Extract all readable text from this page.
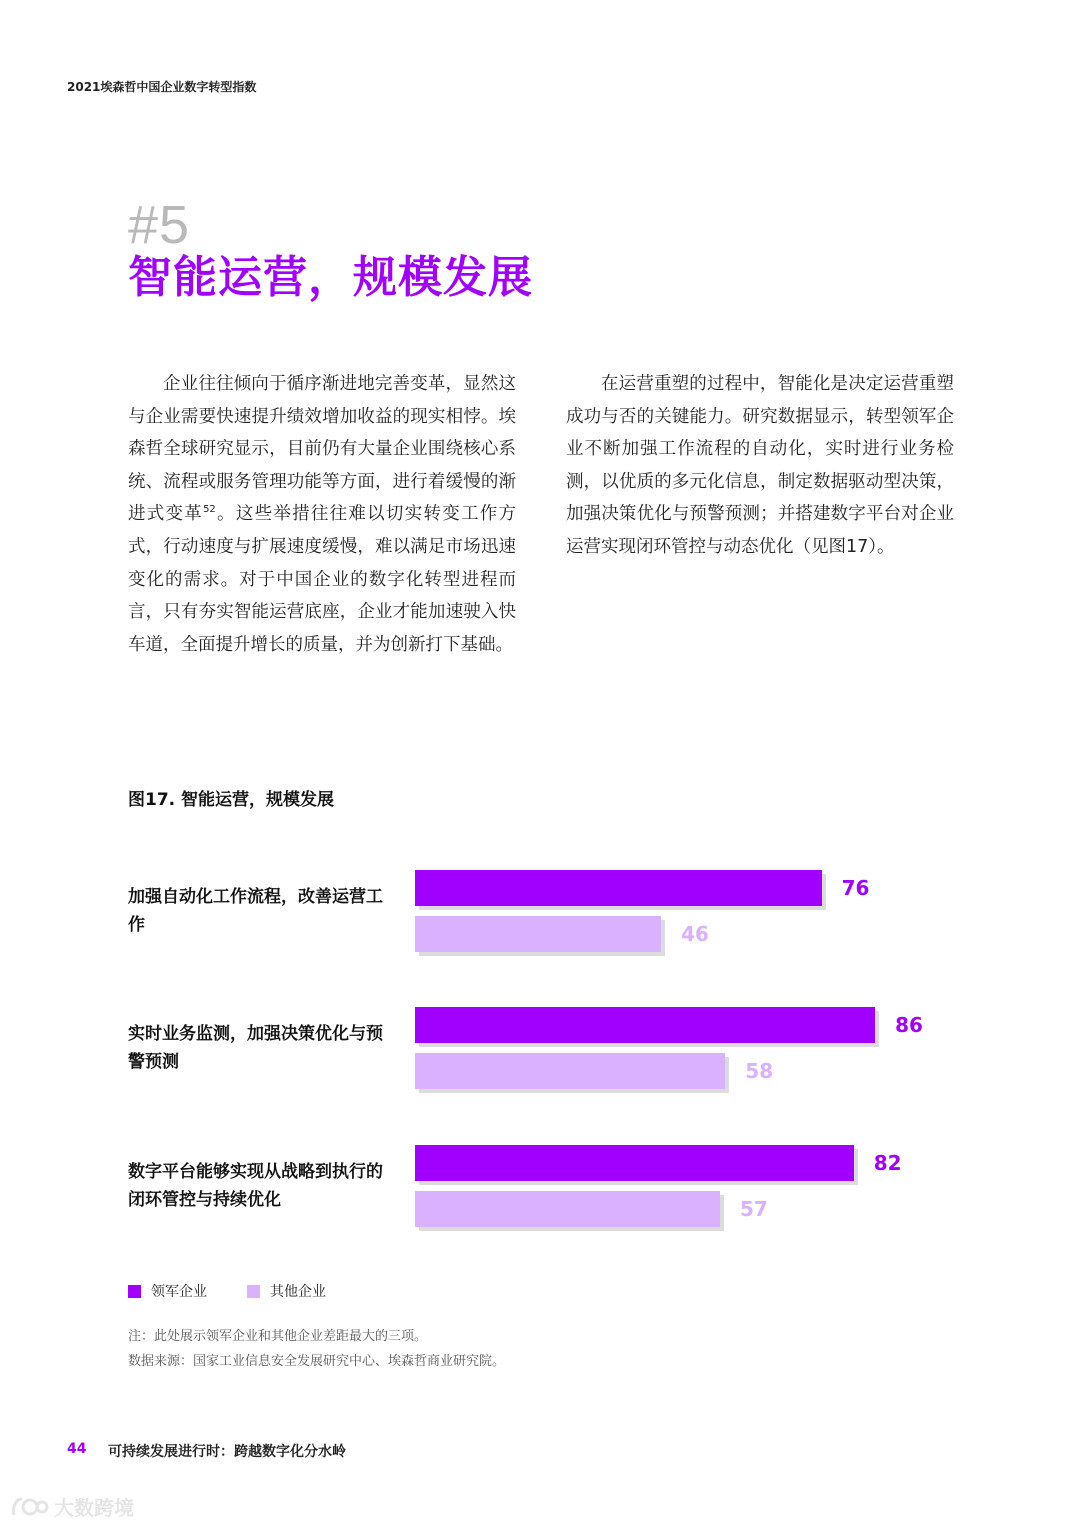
2021埃森哲中国企业数字转型指数
#5
智能运营，规模发展

企业往往倾向于循序渐进地完善变革，显然这与企业需要快速提升绩效增加收益的现实相悖。埃森哲全球研究显示，目前仍有大量企业围绕核心系统、流程或服务管理功能等方面，进行着缓慢的渐进式变革$^{52}$。这些举措往往难以切实转变工作方式，行动速度与扩展速度缓慢，难以满足市场迅速变化的需求。对于中国企业的数字化转型进程而言，只有夯实智能运营底座，企业才能加速驶入快车道，全面提升增长的质量，并为创新打下基础。

在运营重塑的过程中，智能化是决定运营重塑成功与否的关键能力。研究数据显示，转型领军企业不断加强工作流程的自动化，实时进行业务检测，以优质的多元化信息，制定数据驱动型决策，加强决策优化与预警预测；并搭建数字平台对企业运营实现闭环管控与动态优化（见图17）。

图17. 智能运营，规模发展
加强自动化工作流程，改善运营工作
76
46
实时业务监测，加强决策优化与预警预测
86
58
数字平台能够实现从战略到执行的闭环管控与持续优化
82
57
领军企业	其他企业
注：此处展示领军企业和其他企业差距最大的三项。
数据来源：国家工业信息安全发展研究中心、埃森哲商业研究院。
44 可持续发展进行时：跨越数字化分水岭
大数跨境
